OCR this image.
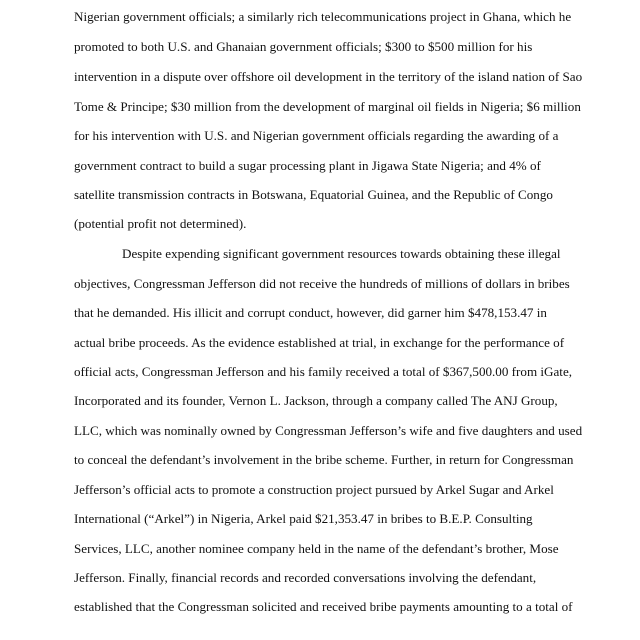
Nigerian government officials; a similarly rich telecommunications project in Ghana, which he

promoted to both U.S. and Ghanaian government officials; $300 to $500 million for his

intervention in a dispute over offshore oil development in the territory of the island nation of Sao

Tome & Principe; $30 million from the development of marginal oil fields in Nigeria; $6 million

for his intervention with U.S. and Nigerian government officials regarding the awarding of a

government contract to build a sugar processing plant in Jigawa State Nigeria; and 4% of

satellite transmission contracts in Botswana, Equatorial Guinea, and the Republic of Congo

(potential profit not determined).

Despite expending significant government resources towards obtaining these illegal

objectives, Congressman Jefferson did not receive the hundreds of millions of dollars in bribes

that he demanded. His illicit and corrupt conduct, however, did garner him $478,153.47 in

actual bribe proceeds. As the evidence established at trial, in exchange for the performance of

official acts, Congressman Jefferson and his family received a total of $367,500.00 from iGate,

Incorporated and its founder, Vernon L. Jackson, through a company called The ANJ Group,

LLC, which was nominally owned by Congressman Jefferson’s wife and five daughters and used

to conceal the defendant’s involvement in the bribe scheme. Further, in return for Congressman

Jefferson’s official acts to promote a construction project pursued by Arkel Sugar and Arkel

International (“Arkel”) in Nigeria, Arkel paid $21,353.47 in bribes to B.E.P. Consulting

Services, LLC, another nominee company held in the name of the defendant’s brother, Mose

Jefferson. Finally, financial records and recorded conversations involving the defendant,

established that the Congressman solicited and received bribe payments amounting to a total of
